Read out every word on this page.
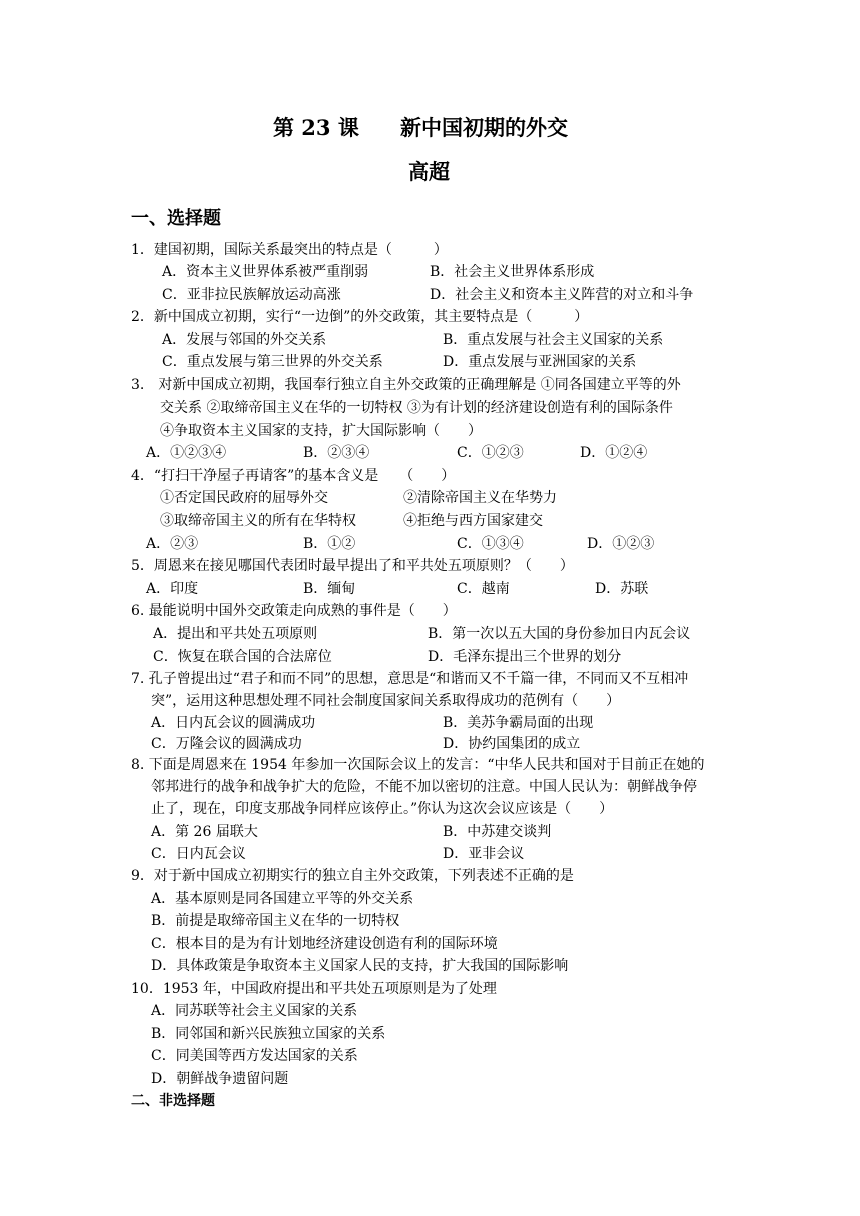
第 23 课 新中国初期的外交
高超
一、选择题
1．建国初期，国际关系最突出的特点是（　　　）
A．资本主义世界体系被严重削弱	B．社会主义世界体系形成
C．亚非拉民族解放运动高涨	D．社会主义和资本主义阵营的对立和斗争
2．新中国成立初期，实行“一边倒”的外交政策，其主要特点是（　　　）
A．发展与邻国的外交关系	B．重点发展与社会主义国家的关系
C．重点发展与第三世界的外交关系	D．重点发展与亚洲国家的关系
3.　对新中国成立初期，我国奉行独立自主外交政策的正确理解是 ①同各国建立平等的外
交关系 ②取缔帝国主义在华的一切特权 ③为有计划的经济建设创造有利的国际条件
④争取资本主义国家的支持，扩大国际影响（　　）
A．①②③④	B．②③④	C．①②③	D．①②④
4．“打扫干净屋子再请客”的基本含义是　　（　　）
①否定国民政府的屈辱外交	②清除帝国主义在华势力
③取缔帝国主义的所有在华特权	④拒绝与西方国家建交
A．②③	B．①②	C．①③④	D．①②③
5．周恩来在接见哪国代表团时最早提出了和平共处五项原则？（　　）
A．印度	B．缅甸	C．越南	D．苏联
6. 最能说明中国外交政策走向成熟的事件是（　　）
A．提出和平共处五项原则	B．第一次以五大国的身份参加日内瓦会议
C．恢复在联合国的合法席位	D．毛泽东提出三个世界的划分
7. 孔子曾提出过“君子和而不同”的思想，意思是“和谐而又不千篇一律，不同而又不互相冲
突”，运用这种思想处理不同社会制度国家间关系取得成功的范例有（　　）
A．日内瓦会议的圆满成功	B．美苏争霸局面的出现
C．万隆会议的圆满成功	D．协约国集团的成立
8. 下面是周恩来在 1954 年参加一次国际会议上的发言：“中华人民共和国对于目前正在她的
邻邦进行的战争和战争扩大的危险，不能不加以密切的注意。中国人民认为：朝鲜战争停
止了，现在，印度支那战争同样应该停止。”你认为这次会议应该是（　　）
A．第 26 届联大	B．中苏建交谈判
C．日内瓦会议	D．亚非会议
9．对于新中国成立初期实行的独立自主外交政策，下列表述不正确的是
A．基本原则是同各国建立平等的外交关系
B．前提是取缔帝国主义在华的一切特权
C．根本目的是为有计划地经济建设创造有利的国际环境
D．具体政策是争取资本主义国家人民的支持，扩大我国的国际影响
10．1953 年，中国政府提出和平共处五项原则是为了处理
A．同苏联等社会主义国家的关系
B．同邻国和新兴民族独立国家的关系
C．同美国等西方发达国家的关系
D．朝鲜战争遗留问题
二、非选择题
